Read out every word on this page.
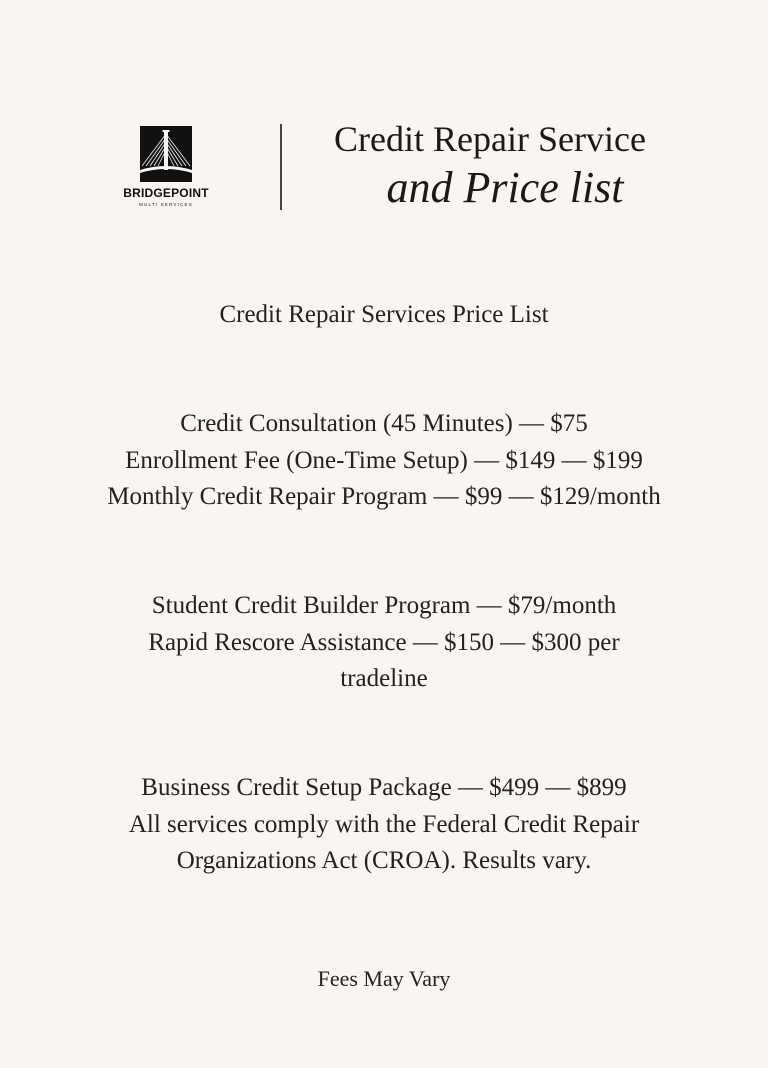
BRIDGEPOINT
MULTI SERVICES
Credit Repair Service
and Price list
Credit Repair Services Price List
Credit Consultation (45 Minutes) — $75
Enrollment Fee (One-Time Setup) — $149 — $199
Monthly Credit Repair Program — $99 — $129/month
Student Credit Builder Program — $79/month
Rapid Rescore Assistance — $150 — $300 per
tradeline
Business Credit Setup Package — $499 — $899
All services comply with the Federal Credit Repair
Organizations Act (CROA). Results vary.
Fees May Vary
